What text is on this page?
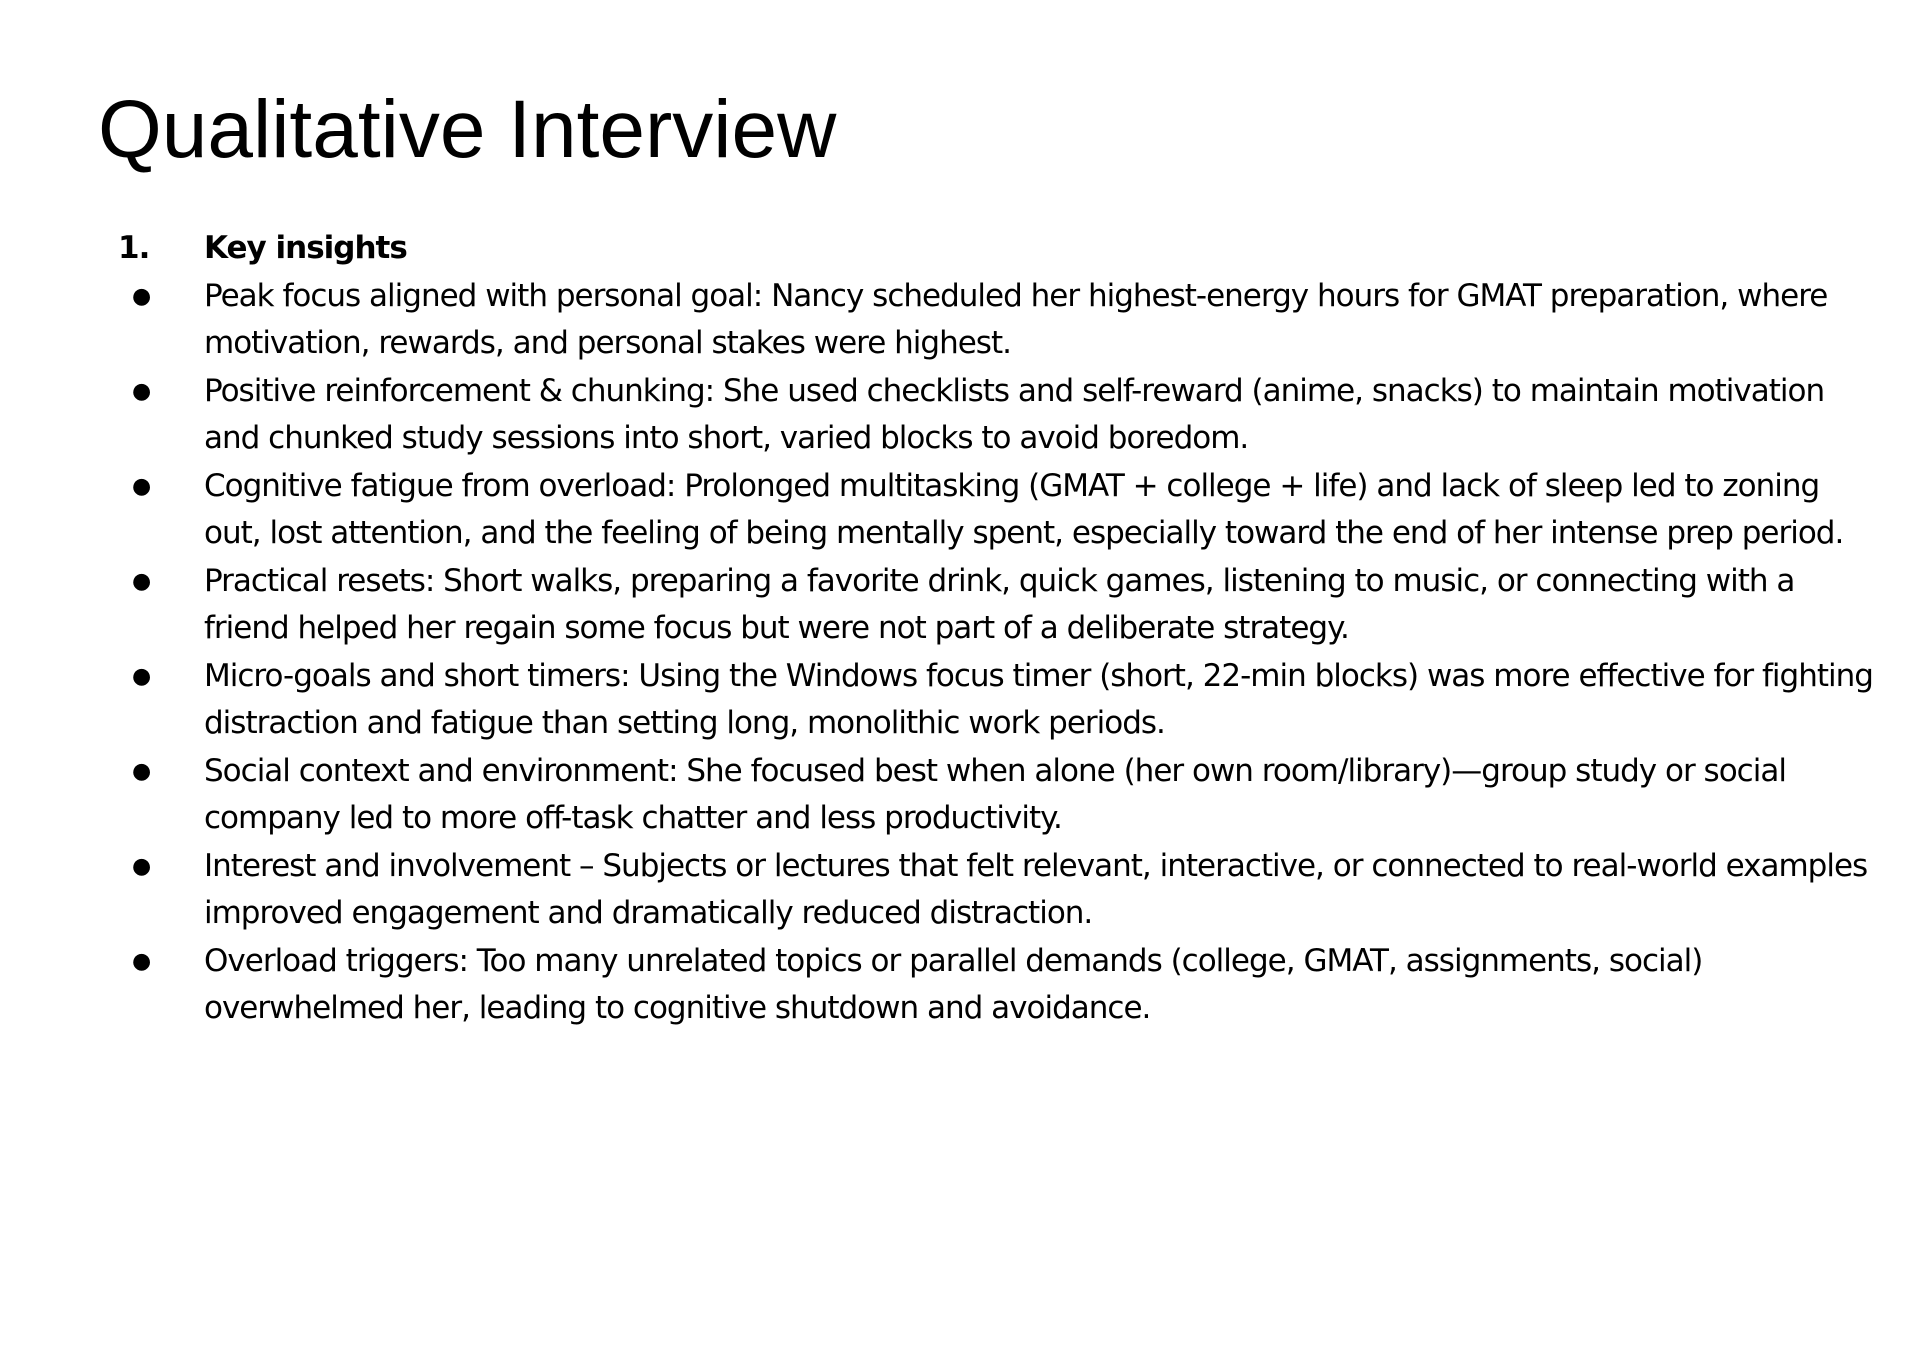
Qualitative Interview
1.	Key insights
●	Peak focus aligned with personal goal: Nancy scheduled her highest-energy hours for GMAT preparation, where motivation, rewards, and personal stakes were highest.
●	Positive reinforcement & chunking: She used checklists and self-reward (anime, snacks) to maintain motivation and chunked study sessions into short, varied blocks to avoid boredom.
●	Cognitive fatigue from overload: Prolonged multitasking (GMAT + college + life) and lack of sleep led to zoning out, lost attention, and the feeling of being mentally spent, especially toward the end of her intense prep period.
●	Practical resets: Short walks, preparing a favorite drink, quick games, listening to music, or connecting with a friend helped her regain some focus but were not part of a deliberate strategy.
●	Micro-goals and short timers: Using the Windows focus timer (short, 22-min blocks) was more effective for fighting distraction and fatigue than setting long, monolithic work periods.
●	Social context and environment: She focused best when alone (her own room/library)—group study or social company led to more off-task chatter and less productivity.
●	Interest and involvement – Subjects or lectures that felt relevant, interactive, or connected to real-world examples improved engagement and dramatically reduced distraction.
●	Overload triggers: Too many unrelated topics or parallel demands (college, GMAT, assignments, social) overwhelmed her, leading to cognitive shutdown and avoidance.
